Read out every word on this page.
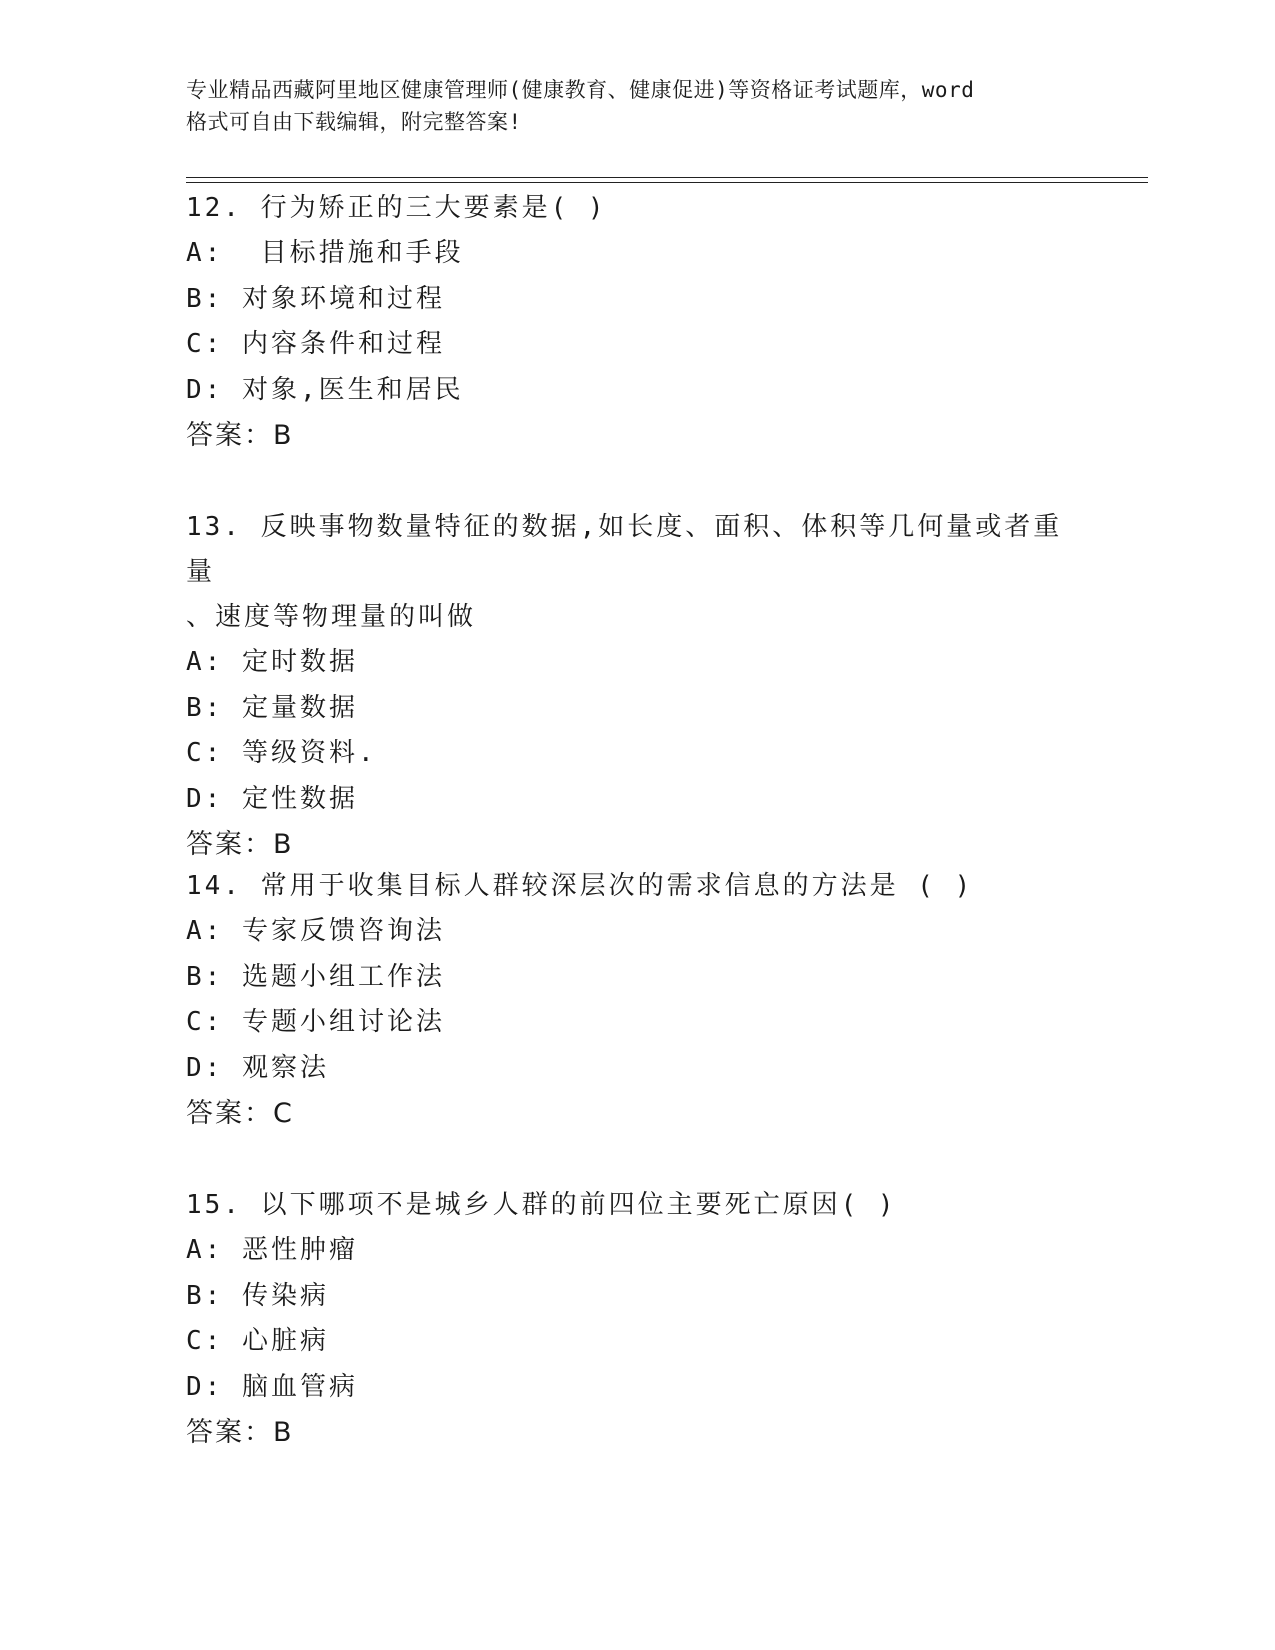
专业精品西藏阿里地区健康管理师(健康教育、健康促进)等资格证考试题库，word
格式可自由下载编辑，附完整答案!
12. 行为矫正的三大要素是( )
A:  目标措施和手段
B: 对象环境和过程
C: 内容条件和过程
D: 对象,医生和居民
答案：B
13. 反映事物数量特征的数据,如长度、面积、体积等几何量或者重量
、速度等物理量的叫做
A: 定时数据
B: 定量数据
C: 等级资料.
D: 定性数据
答案：B
14. 常用于收集目标人群较深层次的需求信息的方法是 ( )
A: 专家反馈咨询法
B: 选题小组工作法
C: 专题小组讨论法
D: 观察法
答案：C
15. 以下哪项不是城乡人群的前四位主要死亡原因( )
A: 恶性肿瘤
B: 传染病
C: 心脏病
D: 脑血管病
答案：B
